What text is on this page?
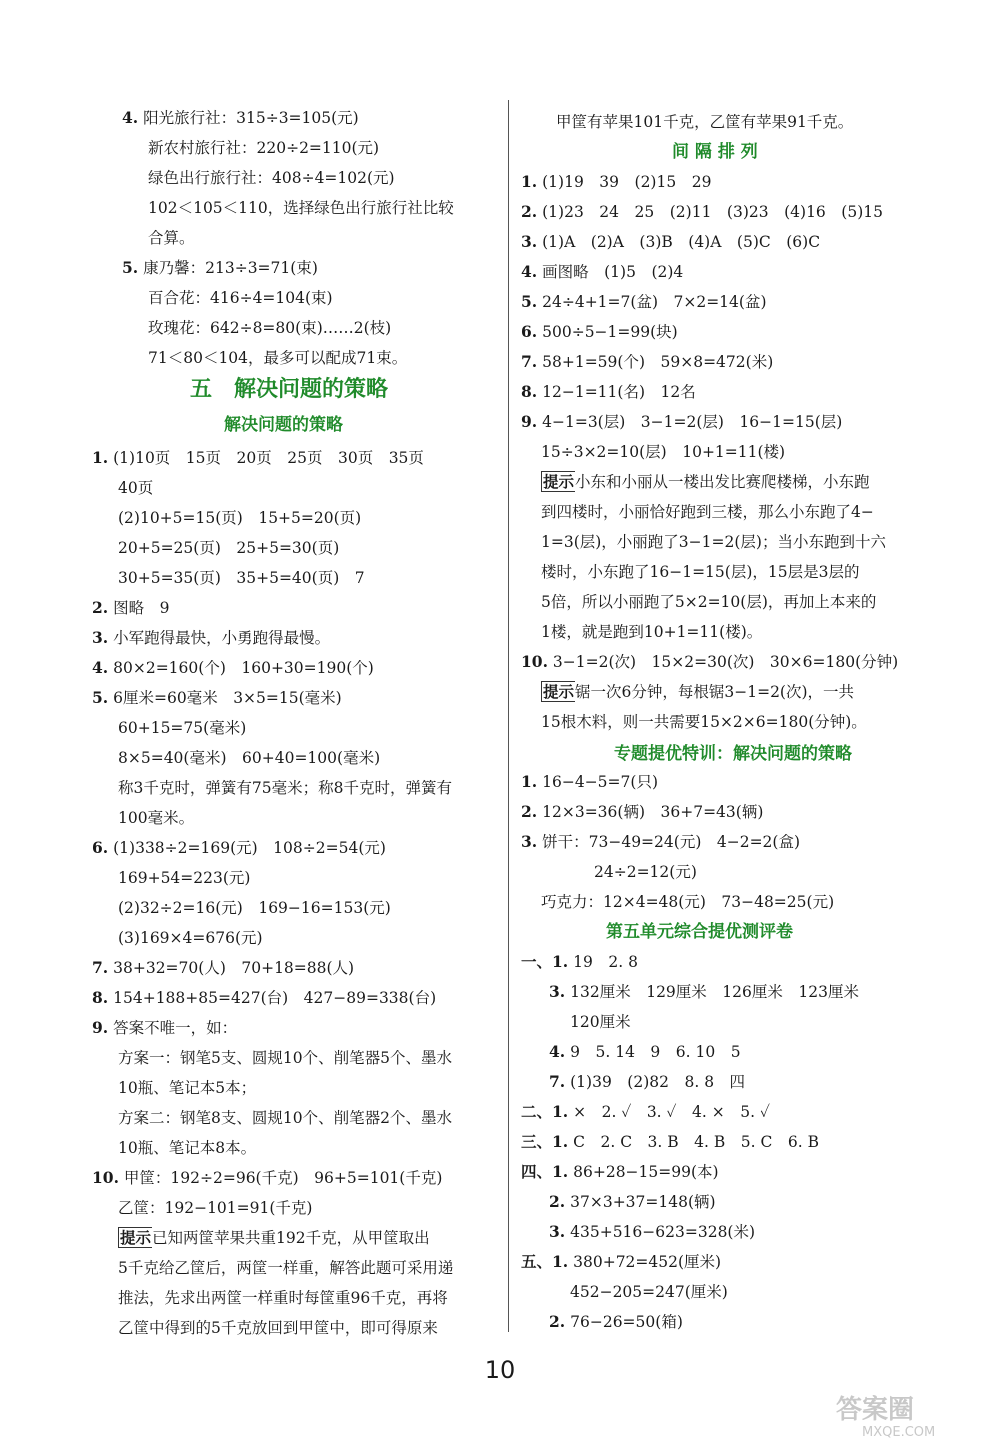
4. 阳光旅行社：315÷3=105(元)
新农村旅行社：220÷2=110(元)
绿色出行旅行社：408÷4=102(元)
102＜105＜110，选择绿色出行旅行社比较
合算。
5. 康乃馨：213÷3=71(束)
百合花：416÷4=104(束)
玫瑰花：642÷8=80(束)……2(枝)
71＜80＜104，最多可以配成71束。
1. (1)10页　15页　20页　25页　30页　35页
40页
(2)10+5=15(页)　15+5=20(页)
20+5=25(页)　25+5=30(页)
30+5=35(页)　35+5=40(页)　7
2. 图略　9
3. 小军跑得最快，小勇跑得最慢。
4. 80×2=160(个)　160+30=190(个)
5. 6厘米=60毫米　3×5=15(毫米)
60+15=75(毫米)
8×5=40(毫米)　60+40=100(毫米)
称3千克时，弹簧有75毫米；称8千克时，弹簧有
100毫米。
6. (1)338÷2=169(元)　108÷2=54(元)
169+54=223(元)
(2)32÷2=16(元)　169−16=153(元)
(3)169×4=676(元)
7. 38+32=70(人)　70+18=88(人)
8. 154+188+85=427(台)　427−89=338(台)
9. 答案不唯一，如：
方案一：钢笔5支、圆规10个、削笔器5个、墨水
10瓶、笔记本5本；
方案二：钢笔8支、圆规10个、削笔器2个、墨水
10瓶、笔记本8本。
10. 甲筐：192÷2=96(千克)　96+5=101(千克)
乙筐：192−101=91(千克)
提示已知两筐苹果共重192千克，从甲筐取出
5千克给乙筐后，两筐一样重，解答此题可采用递
推法，先求出两筐一样重时每筐重96千克，再将
乙筐中得到的5千克放回到甲筐中，即可得原来
甲筐有苹果101千克，乙筐有苹果91千克。
1. (1)19　39　(2)15　29
2. (1)23　24　25　(2)11　(3)23　(4)16　(5)15
3. (1)A　(2)A　(3)B　(4)A　(5)C　(6)C
4. 画图略　(1)5　(2)4
5. 24÷4+1=7(盆)　7×2=14(盆)
6. 500÷5−1=99(块)
7. 58+1=59(个)　59×8=472(米)
8. 12−1=11(名)　12名
9. 4−1=3(层)　3−1=2(层)　16−1=15(层)
15÷3×2=10(层)　10+1=11(楼)
提示小东和小丽从一楼出发比赛爬楼梯，小东跑
到四楼时，小丽恰好跑到三楼，那么小东跑了4−
1=3(层)，小丽跑了3−1=2(层)；当小东跑到十六
楼时，小东跑了16−1=15(层)，15层是3层的
5倍，所以小丽跑了5×2=10(层)，再加上本来的
1楼，就是跑到10+1=11(楼)。
10. 3−1=2(次)　15×2=30(次)　30×6=180(分钟)
提示锯一次6分钟，每根锯3−1=2(次)，一共
15根木料，则一共需要15×2×6=180(分钟)。
1. 16−4−5=7(只)
2. 12×3=36(辆)　36+7=43(辆)
3. 饼干：73−49=24(元)　4−2=2(盒)
24÷2=12(元)
巧克力：12×4=48(元)　73−48=25(元)
一、1. 19　2. 8
3. 132厘米　129厘米　126厘米　123厘米
120厘米
4. 9　5. 14　9　6. 10　5
7. (1)39　(2)82　8. 8　四
二、1. ×　2. ✓　3. ✓　4. ×　5. ✓
三、1. C　2. C　3. B　4. B　5. C　6. B
四、1. 86+28−15=99(本)
2. 37×3+37=148(辆)
3. 435+516−623=328(米)
五、1. 380+72=452(厘米)
452−205=247(厘米)
2. 76−26=50(箱)
五　解决问题的策略
解决问题的策略
间 隔 排 列
专题提优特训：解决问题的策略
第五单元综合提优测评卷
10
答案圈
MXQE.COM
